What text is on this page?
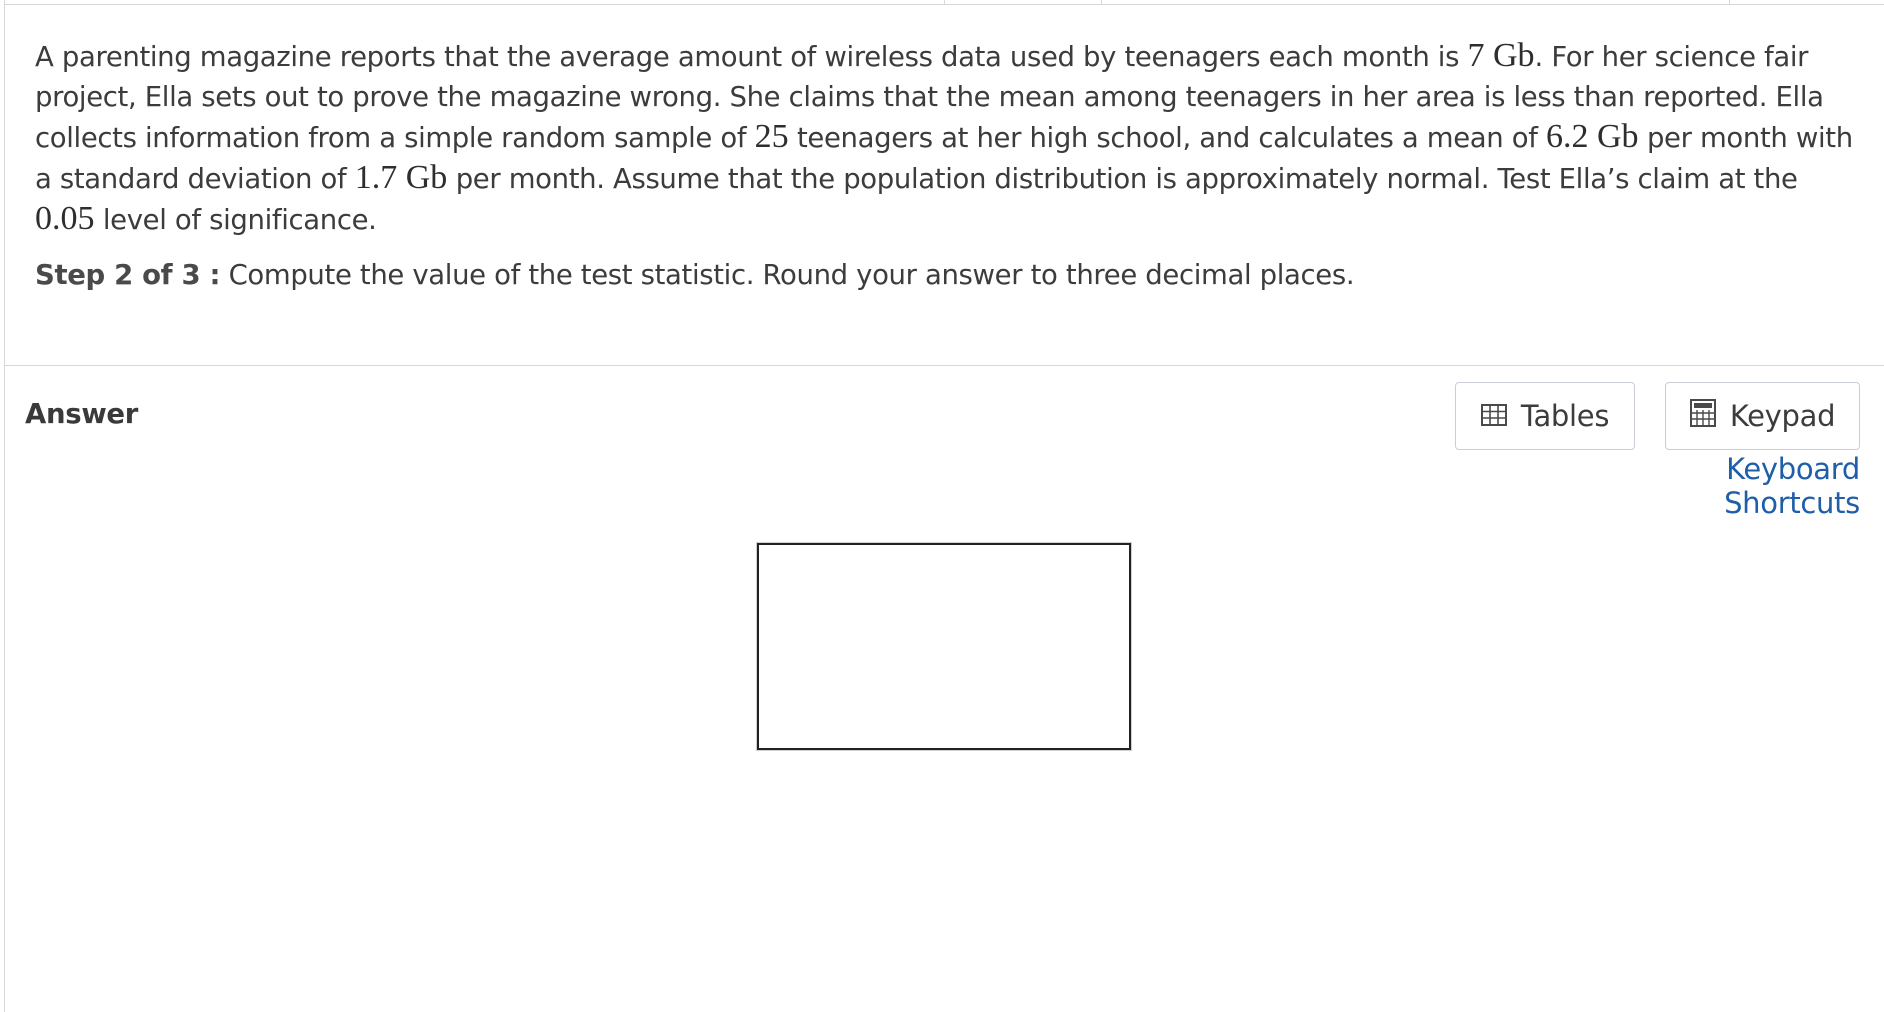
A parenting magazine reports that the average amount of wireless data used by teenagers each month is 7 Gb. For her science fair project, Ella sets out to prove the magazine wrong. She claims that the mean among teenagers in her area is less than reported. Ella collects information from a simple random sample of 25 teenagers at her high school, and calculates a mean of 6.2 Gb per month with a standard deviation of 1.7 Gb per month. Assume that the population distribution is approximately normal. Test Ella’s claim at the 0.05 level of significance.
Step 2 of 3 : Compute the value of the test statistic. Round your answer to three decimal places.
Answer	Tables	Keypad
Keyboard Shortcuts
